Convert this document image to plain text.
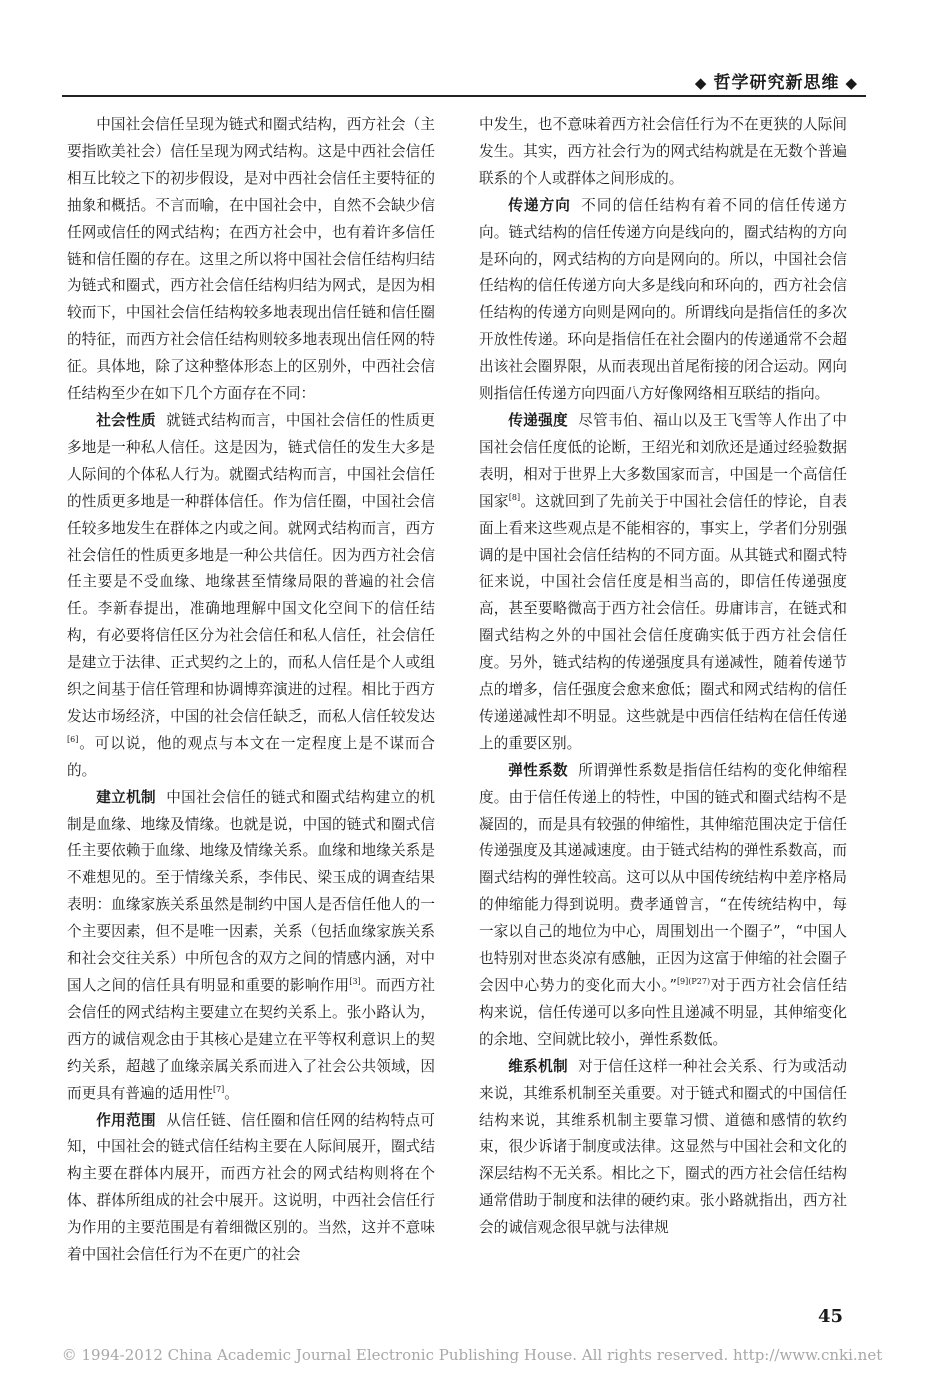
◆ 哲学研究新思维 ◆

中国社会信任呈现为链式和圈式结构，西方社会（主要指欧美社会）信任呈现为网式结构。这是中西社会信任相互比较之下的初步假设，是对中西社会信任主要特征的抽象和概括。不言而喻，在中国社会中，自然不会缺少信任网或信任的网式结构；在西方社会中，也有着许多信任链和信任圈的存在。这里之所以将中国社会信任结构归结为链式和圈式，西方社会信任结构归结为网式，是因为相较而下，中国社会信任结构较多地表现出信任链和信任圈的特征，而西方社会信任结构则较多地表现出信任网的特征。具体地，除了这种整体形态上的区别外，中西社会信任结构至少在如下几个方面存在不同：

社会性质 就链式结构而言，中国社会信任的性质更多地是一种私人信任。这是因为，链式信任的发生大多是人际间的个体私人行为。就圈式结构而言，中国社会信任的性质更多地是一种群体信任。作为信任圈，中国社会信任较多地发生在群体之内或之间。就网式结构而言，西方社会信任的性质更多地是一种公共信任。因为西方社会信任主要是不受血缘、地缘甚至情缘局限的普遍的社会信任。李新春提出，准确地理解中国文化空间下的信任结构，有必要将信任区分为社会信任和私人信任，社会信任是建立于法律、正式契约之上的，而私人信任是个人或组织之间基于信任管理和协调博弈演进的过程。相比于西方发达市场经济，中国的社会信任缺乏，而私人信任较发达[6]。可以说，他的观点与本文在一定程度上是不谋而合的。

建立机制 中国社会信任的链式和圈式结构建立的机制是血缘、地缘及情缘。也就是说，中国的链式和圈式信任主要依赖于血缘、地缘及情缘关系。血缘和地缘关系是不难想见的。至于情缘关系，李伟民、梁玉成的调查结果表明：血缘家族关系虽然是制约中国人是否信任他人的一个主要因素，但不是唯一因素，关系（包括血缘家族关系和社会交往关系）中所包含的双方之间的情感内涵，对中国人之间的信任具有明显和重要的影响作用[3]。而西方社会信任的网式结构主要建立在契约关系上。张小路认为，西方的诚信观念由于其核心是建立在平等权利意识上的契约关系，超越了血缘亲属关系而进入了社会公共领域，因而更具有普遍的适用性[7]。

作用范围 从信任链、信任圈和信任网的结构特点可知，中国社会的链式信任结构主要在人际间展开，圈式结构主要在群体内展开，而西方社会的网式结构则将在个体、群体所组成的社会中展开。这说明，中西社会信任行为作用的主要范围是有着细微区别的。当然，这并不意味着中国社会信任行为不在更广的社会

中发生，也不意味着西方社会信任行为不在更狭的人际间发生。其实，西方社会行为的网式结构就是在无数个普遍联系的个人或群体之间形成的。

传递方向 不同的信任结构有着不同的信任传递方向。链式结构的信任传递方向是线向的，圈式结构的方向是环向的，网式结构的方向是网向的。所以，中国社会信任结构的信任传递方向大多是线向和环向的，西方社会信任结构的传递方向则是网向的。所谓线向是指信任的多次开放性传递。环向是指信任在社会圈内的传递通常不会超出该社会圈界限，从而表现出首尾衔接的闭合运动。网向则指信任传递方向四面八方好像网络相互联结的指向。

传递强度 尽管韦伯、福山以及王飞雪等人作出了中国社会信任度低的论断，王绍光和刘欣还是通过经验数据表明，相对于世界上大多数国家而言，中国是一个高信任国家[8]。这就回到了先前关于中国社会信任的悖论，自表面上看来这些观点是不能相容的，事实上，学者们分别强调的是中国社会信任结构的不同方面。从其链式和圈式特征来说，中国社会信任度是相当高的，即信任传递强度高，甚至要略微高于西方社会信任。毋庸讳言，在链式和圈式结构之外的中国社会信任度确实低于西方社会信任度。另外，链式结构的传递强度具有递减性，随着传递节点的增多，信任强度会愈来愈低；圈式和网式结构的信任传递递减性却不明显。这些就是中西信任结构在信任传递上的重要区别。

弹性系数 所谓弹性系数是指信任结构的变化伸缩程度。由于信任传递上的特性，中国的链式和圈式结构不是凝固的，而是具有较强的伸缩性，其伸缩范围决定于信任传递强度及其递减速度。由于链式结构的弹性系数高，而圈式结构的弹性较高。这可以从中国传统结构中差序格局的伸缩能力得到说明。费孝通曾言，“在传统结构中，每一家以自己的地位为中心，周围划出一个圈子”，“中国人也特别对世态炎凉有感触，正因为这富于伸缩的社会圈子会因中心势力的变化而大小。”$^{[9](P27)}$对于西方社会信任结构来说，信任传递可以多向性且递减不明显，其伸缩变化的余地、空间就比较小，弹性系数低。

维系机制 对于信任这样一种社会关系、行为或活动来说，其维系机制至关重要。对于链式和圈式的中国信任结构来说，其维系机制主要靠习惯、道德和感情的软约束，很少诉诸于制度或法律。这显然与中国社会和文化的深层结构不无关系。相比之下，圈式的西方社会信任结构通常借助于制度和法律的硬约束。张小路就指出，西方社会的诚信观念很早就与法律规

45
© 1994-2012 China Academic Journal Electronic Publishing House. All rights reserved. http://www.cnki.net
